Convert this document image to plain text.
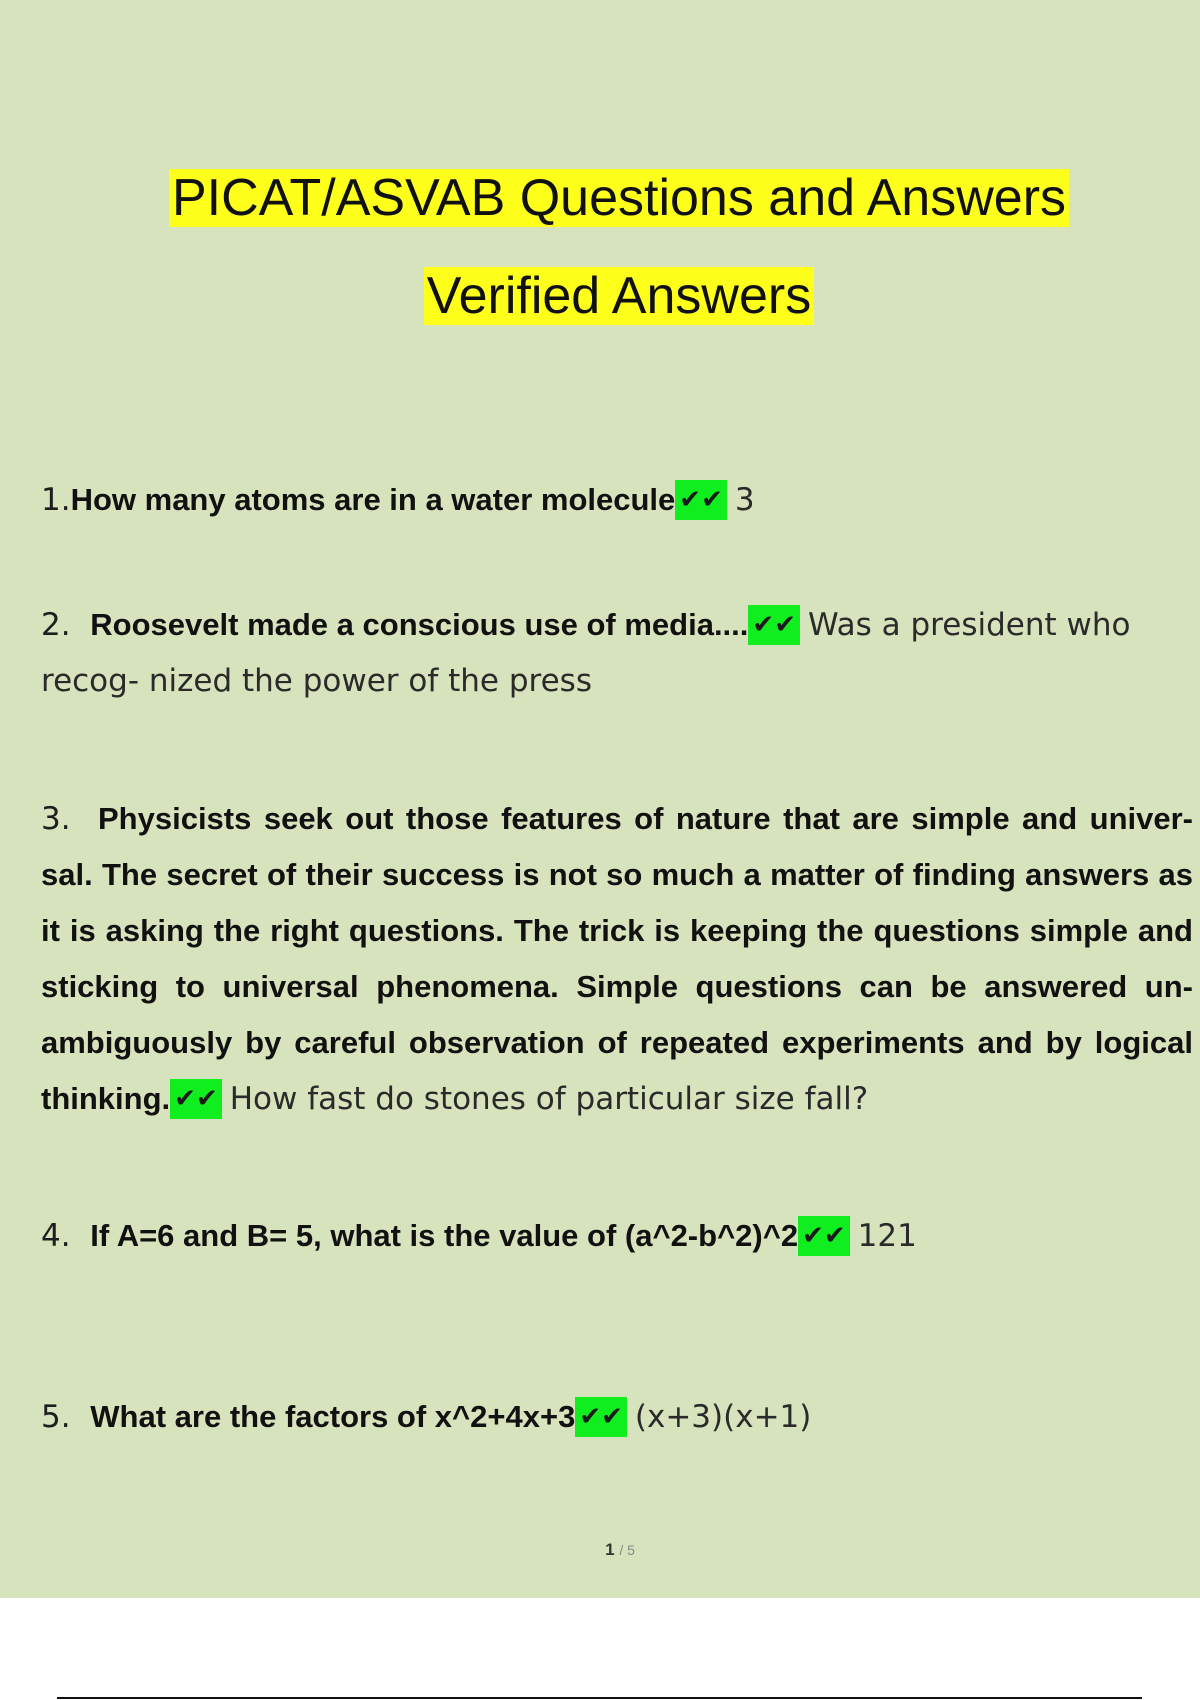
PICAT/ASVAB Questions and Answers
Verified Answers
1.How many atoms are in a water molecule ✔✔ 3
2. Roosevelt made a conscious use of media.... ✔✔ Was a president who recog- nized the power of the press
3. Physicists seek out those features of nature that are simple and univer- sal. The secret of their success is not so much a matter of finding answers as it is asking the right questions. The trick is keeping the questions simple and sticking to universal phenomena. Simple questions can be answered un- ambiguously by careful observation of repeated experiments and by logical thinking. ✔✔ How fast do stones of particular size fall?
4. If A=6 and B= 5, what is the value of (a^2-b^2)^2 ✔✔ 121
5. What are the factors of x^2+4x+3 ✔✔ (x+3)(x+1)
1 / 5
